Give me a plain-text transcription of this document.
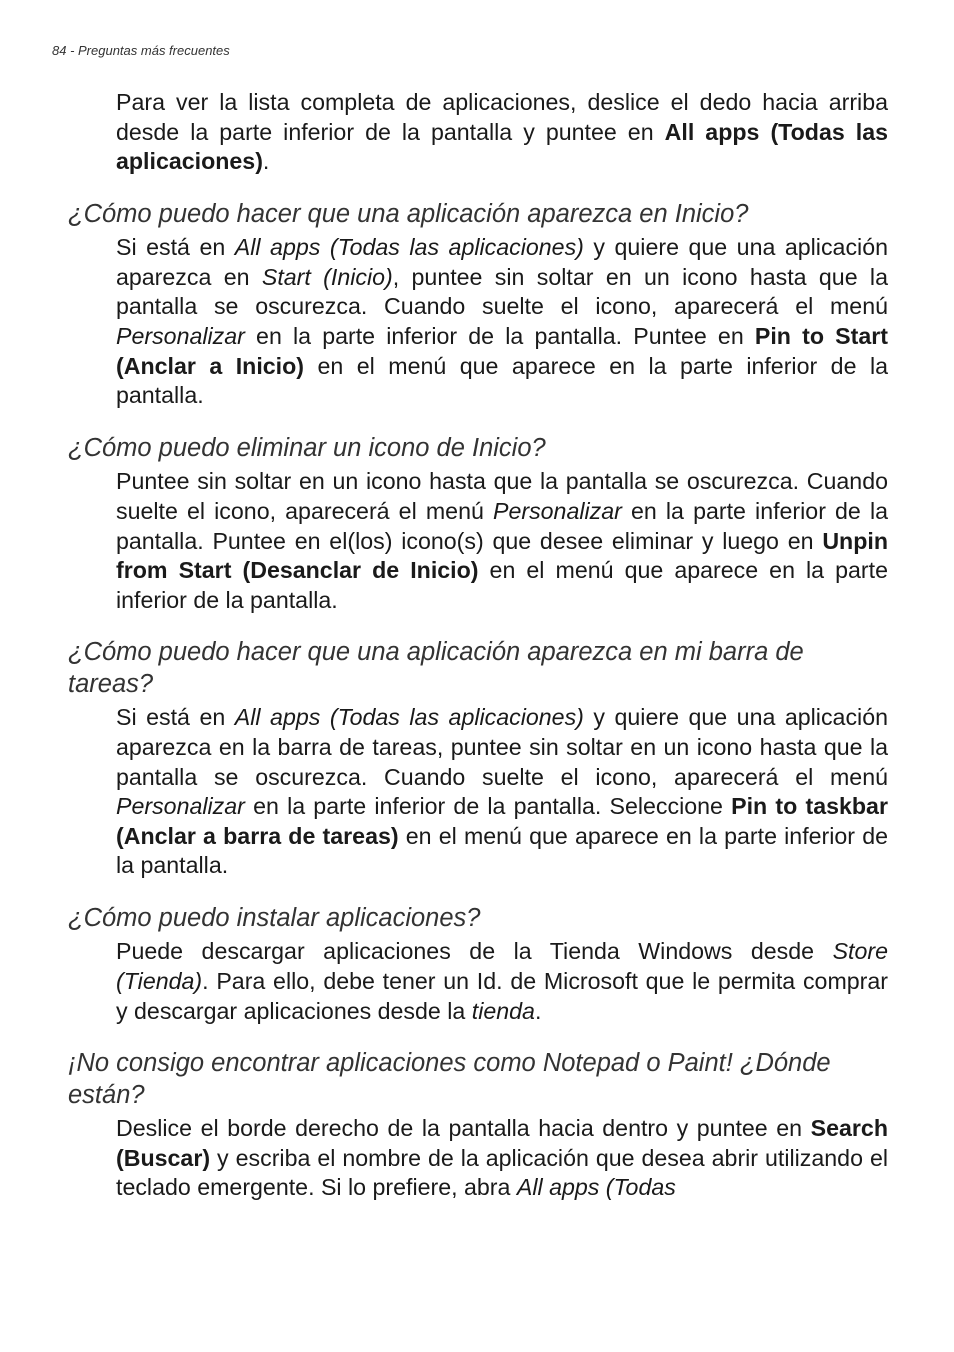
84 - Preguntas más frecuentes

Para ver la lista completa de aplicaciones, deslice el dedo hacia arriba desde la parte inferior de la pantalla y puntee en All apps (Todas las aplicaciones).

¿Cómo puedo hacer que una aplicación aparezca en Inicio?

Si está en All apps (Todas las aplicaciones) y quiere que una aplicación aparezca en Start (Inicio), puntee sin soltar en un icono hasta que la pantalla se oscurezca. Cuando suelte el icono, aparecerá el menú Personalizar en la parte inferior de la pantalla. Puntee en Pin to Start (Anclar a Inicio) en el menú que aparece en la parte inferior de la pantalla.

¿Cómo puedo eliminar un icono de Inicio?

Puntee sin soltar en un icono hasta que la pantalla se oscurezca. Cuando suelte el icono, aparecerá el menú Personalizar en la parte inferior de la pantalla. Puntee en el(los) icono(s) que desee eliminar y luego en Unpin from Start (Desanclar de Inicio) en el menú que aparece en la parte inferior de la pantalla.

¿Cómo puedo hacer que una aplicación aparezca en mi barra de tareas?

Si está en All apps (Todas las aplicaciones) y quiere que una aplicación aparezca en la barra de tareas, puntee sin soltar en un icono hasta que la pantalla se oscurezca. Cuando suelte el icono, aparecerá el menú Personalizar en la parte inferior de la pantalla. Seleccione Pin to taskbar (Anclar a barra de tareas) en el menú que aparece en la parte inferior de la pantalla.

¿Cómo puedo instalar aplicaciones?

Puede descargar aplicaciones de la Tienda Windows desde Store (Tienda). Para ello, debe tener un Id. de Microsoft que le permita comprar y descargar aplicaciones desde la tienda.

¡No consigo encontrar aplicaciones como Notepad o Paint! ¿Dónde están?

Deslice el borde derecho de la pantalla hacia dentro y puntee en Search (Buscar) y escriba el nombre de la aplicación que desea abrir utilizando el teclado emergente. Si lo prefiere, abra All apps (Todas
